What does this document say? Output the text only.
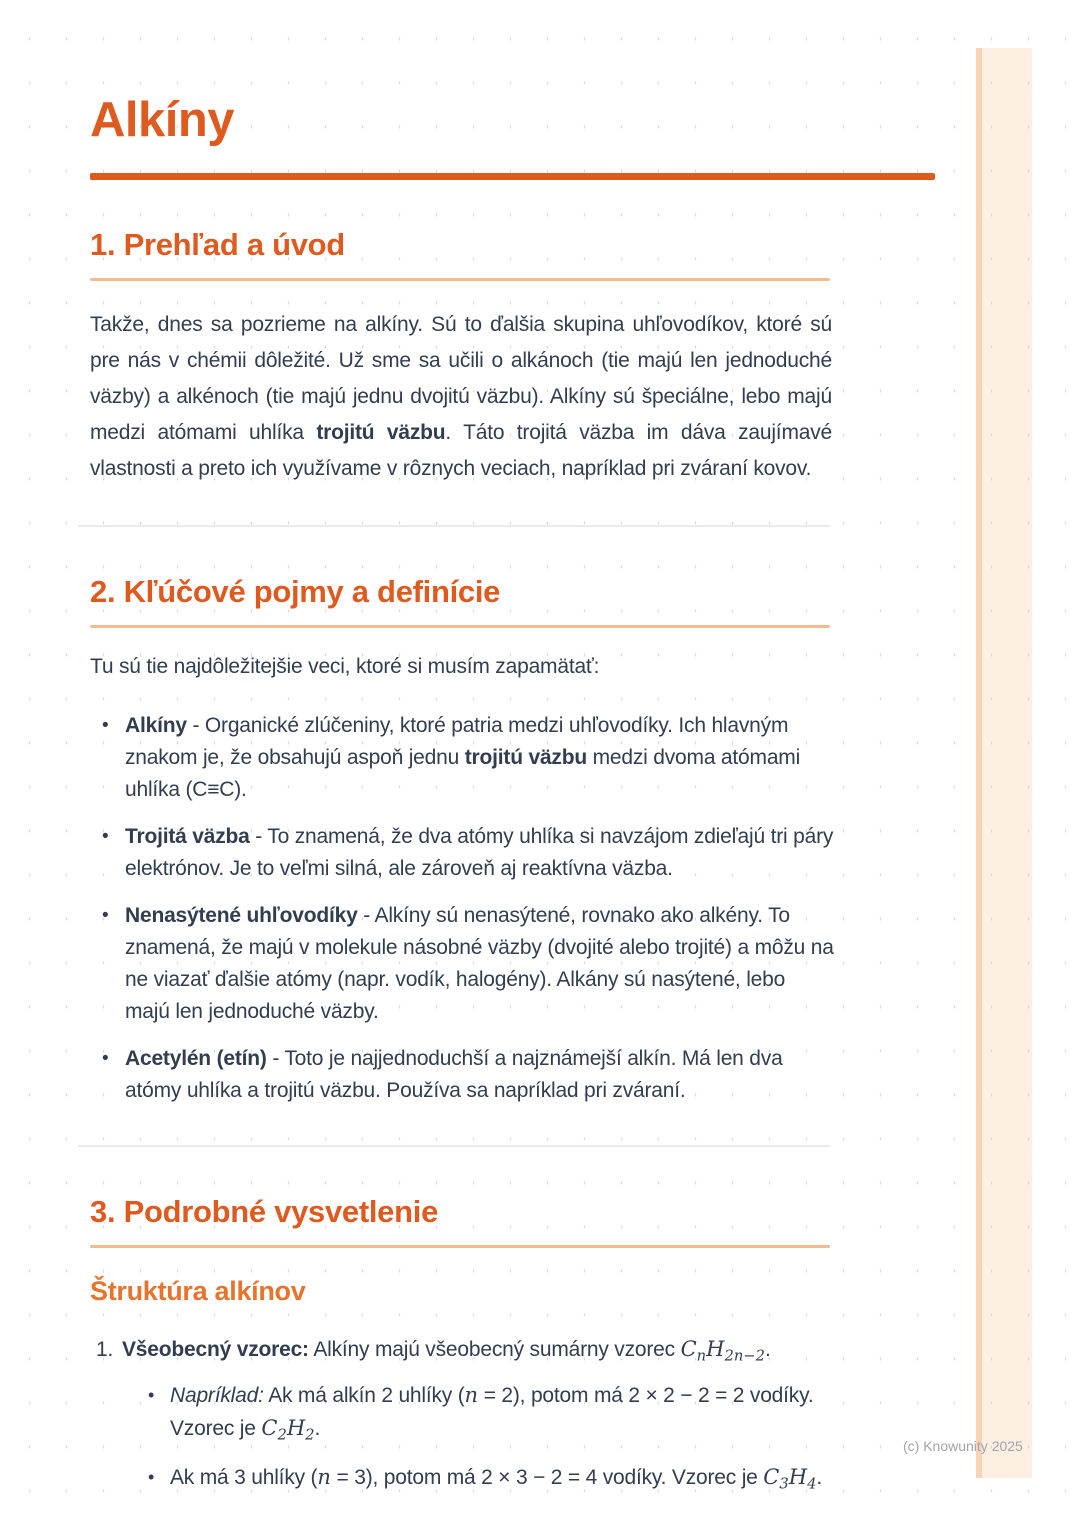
Alkíny
1. Prehľad a úvod

Takže, dnes sa pozrieme na alkíny. Sú to ďalšia skupina uhľovodíkov, ktoré sú pre nás v chémii dôležité. Už sme sa učili o alkánoch (tie majú len jednoduché väzby) a alkénoch (tie majú jednu dvojitú väzbu). Alkíny sú špeciálne, lebo majú medzi atómami uhlíka trojitú väzbu. Táto trojitá väzba im dáva zaujímavé vlastnosti a preto ich využívame v rôznych veciach, napríklad pri zváraní kovov.

2. Kľúčové pojmy a definície

Tu sú tie najdôležitejšie veci, ktoré si musím zapamätať:

• Alkíny - Organické zlúčeniny, ktoré patria medzi uhľovodíky. Ich hlavným znakom je, že obsahujú aspoň jednu trojitú väzbu medzi dvoma atómami uhlíka (C≡C).
• Trojitá väzba - To znamená, že dva atómy uhlíka si navzájom zdieľajú tri páry elektrónov. Je to veľmi silná, ale zároveň aj reaktívna väzba.
• Nenasýtené uhľovodíky - Alkíny sú nenasýtené, rovnako ako alkény. To znamená, že majú v molekule násobné väzby (dvojité alebo trojité) a môžu na ne viazať ďalšie atómy (napr. vodík, halogény). Alkány sú nasýtené, lebo majú len jednoduché väzby.
• Acetylén (etín) - Toto je najjednoduchší a najznámejší alkín. Má len dva atómy uhlíka a trojitú väzbu. Používa sa napríklad pri zváraní.
3. Podrobné vysvetlenie
Štruktúra alkínov
1. Všeobecný vzorec: Alkíny majú všeobecný sumárny vzorec $C_nH_{2n-2}$.
• Napríklad: Ak má alkín 2 uhlíky (n = 2), potom má 2 × 2 − 2 = 2 vodíky. Vzorec je $C_2H_2$.
• Ak má 3 uhlíky (n = 3), potom má 2 × 3 − 2 = 4 vodíky. Vzorec je $C_3H_4$.
(c) Knowunity 2025
